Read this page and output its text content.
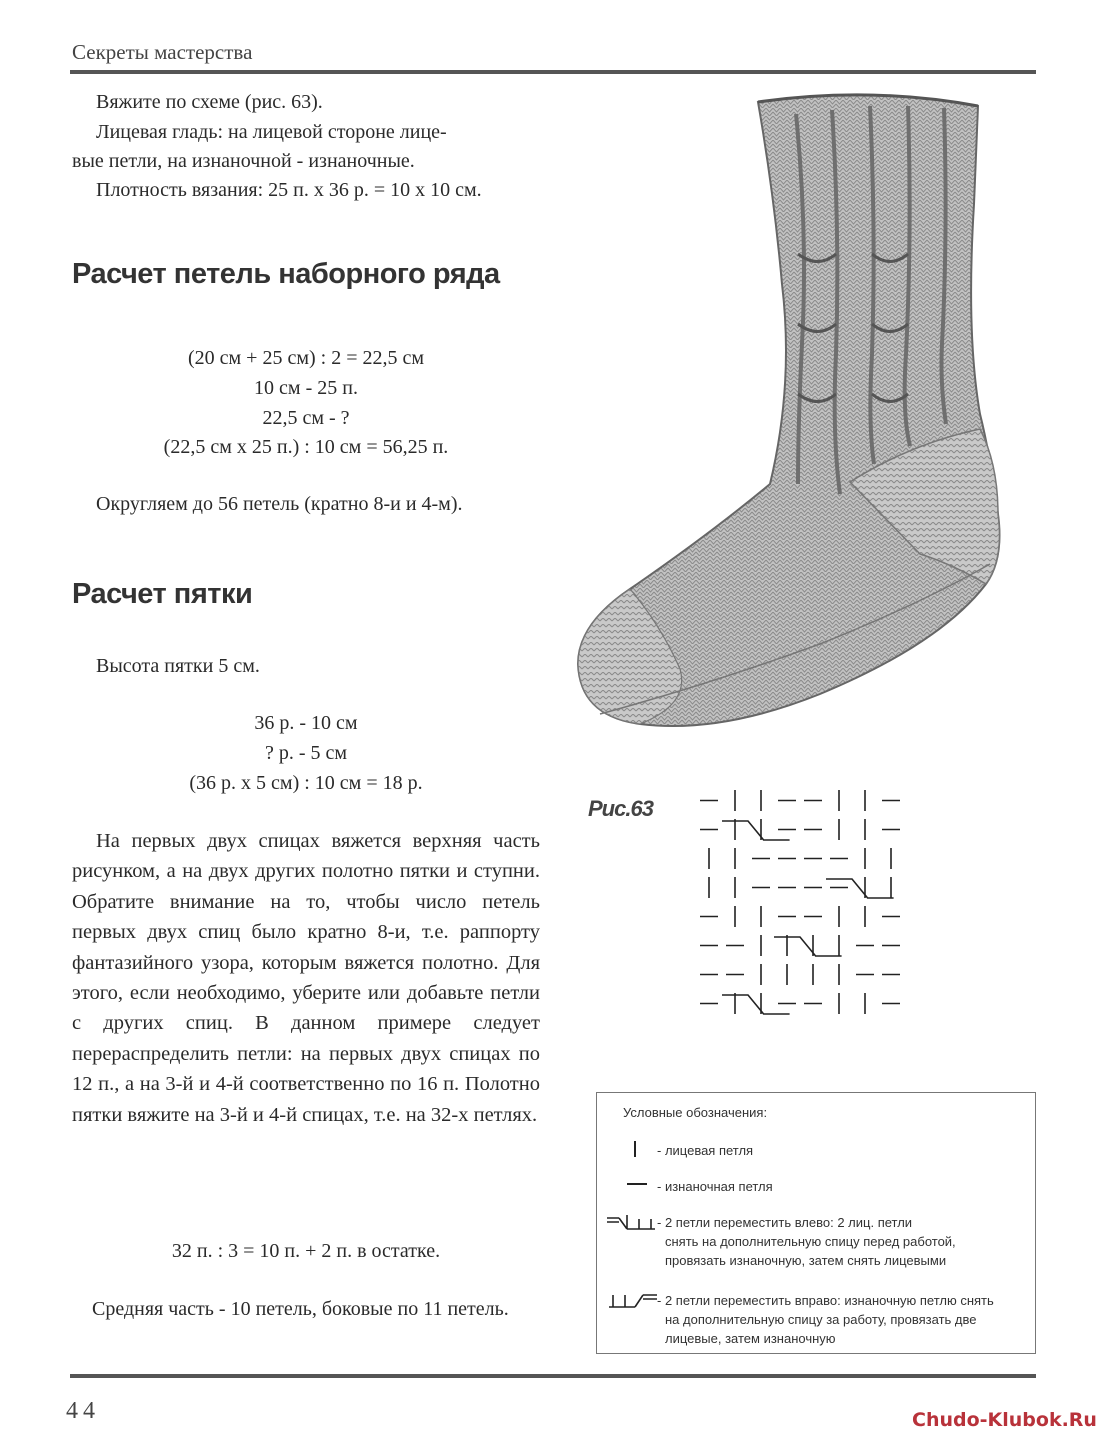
Секреты мастерства
Вяжите по схеме (рис. 63).
Лицевая гладь: на лицевой стороне лице-
вые петли, на изнаночной - изнаночные.
Плотность вязания: 25 п. х 36 р. = 10 х 10 см.
Расчет петель наборного ряда
(20 см + 25 см) : 2 = 22,5 см
10 см - 25 п.
22,5 см - ?
(22,5 см х 25 п.) : 10 см = 56,25 п.
Округляем до 56 петель (кратно 8-и и 4-м).
Расчет пятки
Высота пятки 5 см.
36 р. - 10 см
? р. - 5 см
(36 р. х 5 см) : 10 см = 18 р.
На первых двух спицах вяжется верхняя часть рисунком, а на двух других полотно пятки и ступни. Обратите внимание на то, чтобы число петель первых двух спиц было кратно 8-и, т.е. раппорту фантазийного узора, которым вяжется полотно. Для этого, если необходимо, уберите или добавьте петли с других спиц. В данном примере следует перераспределить петли: на первых двух спицах по 12 п., а на 3-й и 4-й соответственно по 16 п. Полотно пятки вяжите на 3-й и 4-й спицах, т.е. на 32-х петлях.
32 п. : 3 = 10 п. + 2 п. в остатке.
Средняя часть - 10 петель, боковые по 11 петель.
Рис.63
Условные обозначения:
- лицевая петля
- изнаночная петля
- 2 петли переместить влево: 2 лиц. петли
снять на дополнительную спицу перед работой,
провязать изнаночную, затем снять лицевыми
- 2 петли переместить вправо: изнаночную петлю снять
на дополнительную спицу за работу, провязать две
лицевые, затем изнаночную
44	Chudo-Klubok.Ru
